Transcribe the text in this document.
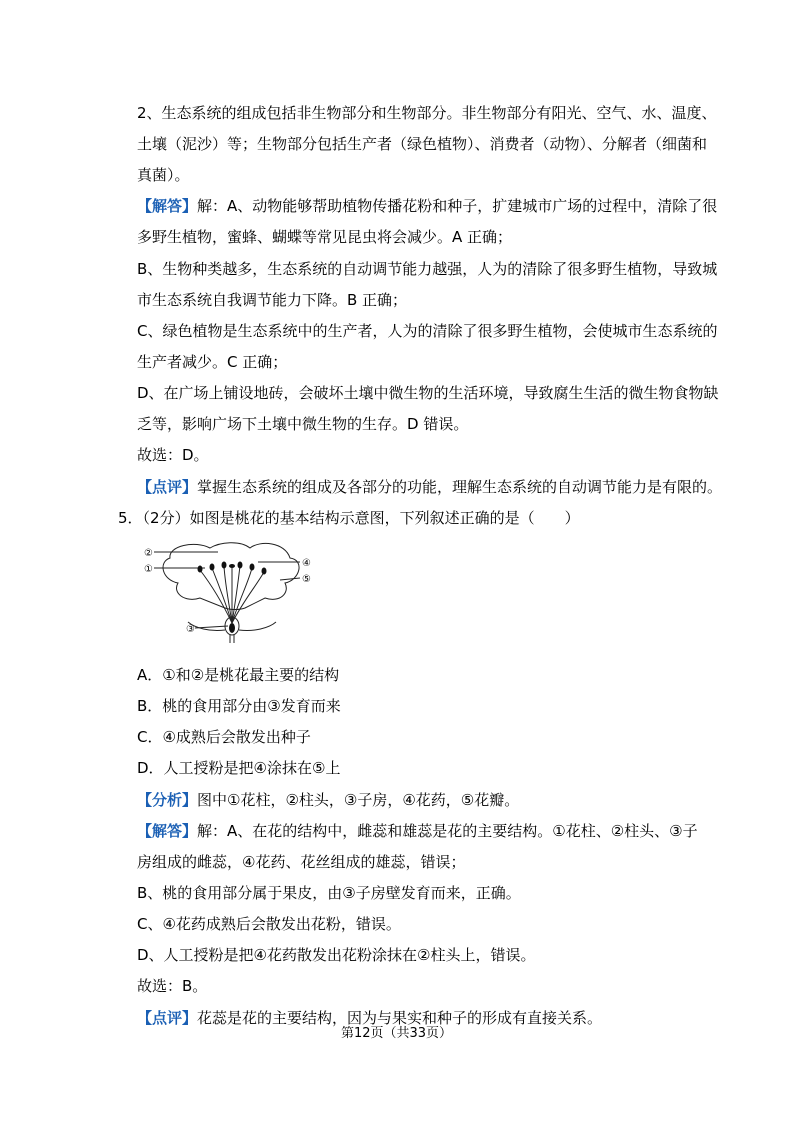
2、生态系统的组成包括非生物部分和生物部分。非生物部分有阳光、空气、水、温度、
土壤（泥沙）等；生物部分包括生产者（绿色植物）、消费者（动物）、分解者（细菌和
真菌）。
【解答】解：A、动物能够帮助植物传播花粉和种子，扩建城市广场的过程中，清除了很
多野生植物，蜜蜂、蝴蝶等常见昆虫将会减少。A 正确；
B、生物种类越多，生态系统的自动调节能力越强，人为的清除了很多野生植物，导致城
市生态系统自我调节能力下降。B 正确；
C、绿色植物是生态系统中的生产者，人为的清除了很多野生植物，会使城市生态系统的
生产者减少。C 正确；
D、在广场上铺设地砖，会破坏土壤中微生物的生活环境，导致腐生生活的微生物食物缺
乏等，影响广场下土壤中微生物的生存。D 错误。
故选：D。
【点评】掌握生态系统的组成及各部分的功能，理解生态系统的自动调节能力是有限的。
5．（2分）如图是桃花的基本结构示意图，下列叙述正确的是（　　）
②
①
③
④
⑤
A．①和②是桃花最主要的结构
B．桃的食用部分由③发育而来
C．④成熟后会散发出种子
D．人工授粉是把④涂抹在⑤上
【分析】图中①花柱，②柱头，③子房，④花药，⑤花瓣。
【解答】解：A、在花的结构中，雌蕊和雄蕊是花的主要结构。①花柱、②柱头、③子
房组成的雌蕊，④花药、花丝组成的雄蕊，错误；
B、桃的食用部分属于果皮，由③子房壁发育而来，正确。
C、④花药成熟后会散发出花粉，错误。
D、人工授粉是把④花药散发出花粉涂抹在②柱头上，错误。
故选：B。
【点评】花蕊是花的主要结构，因为与果实和种子的形成有直接关系。
第12页（共33页）
